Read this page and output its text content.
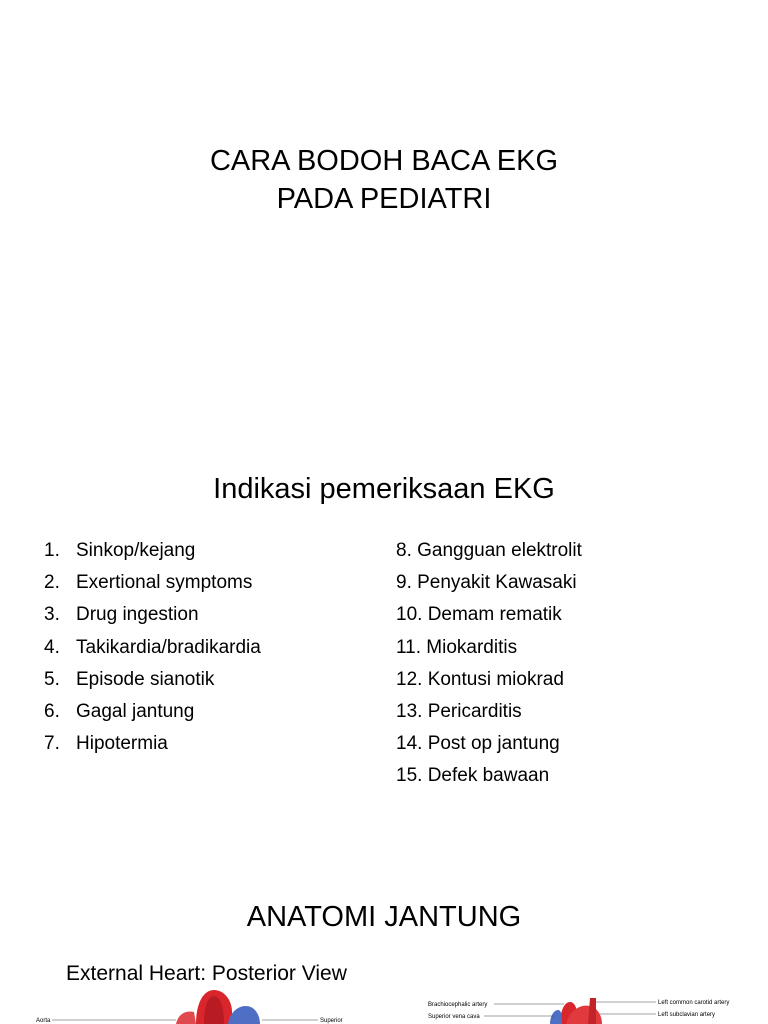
CARA BODOH BACA EKG
PADA PEDIATRI
Indikasi pemeriksaan EKG
1. Sinkop/kejang
2. Exertional symptoms
3. Drug ingestion
4. Takikardia/bradikardia
5. Episode sianotik
6. Gagal jantung
7. Hipotermia
8. Gangguan elektrolit
9. Penyakit Kawasaki
10. Demam rematik
11. Miokarditis
12. Kontusi miokrad
13. Pericarditis
14. Post op jantung
15. Defek bawaan
ANATOMI JANTUNG
External Heart: Posterior View
Aorta	Superior
Brachiocephalic artery
Superior vena cava
Left common carotid artery
Left subclavian artery
